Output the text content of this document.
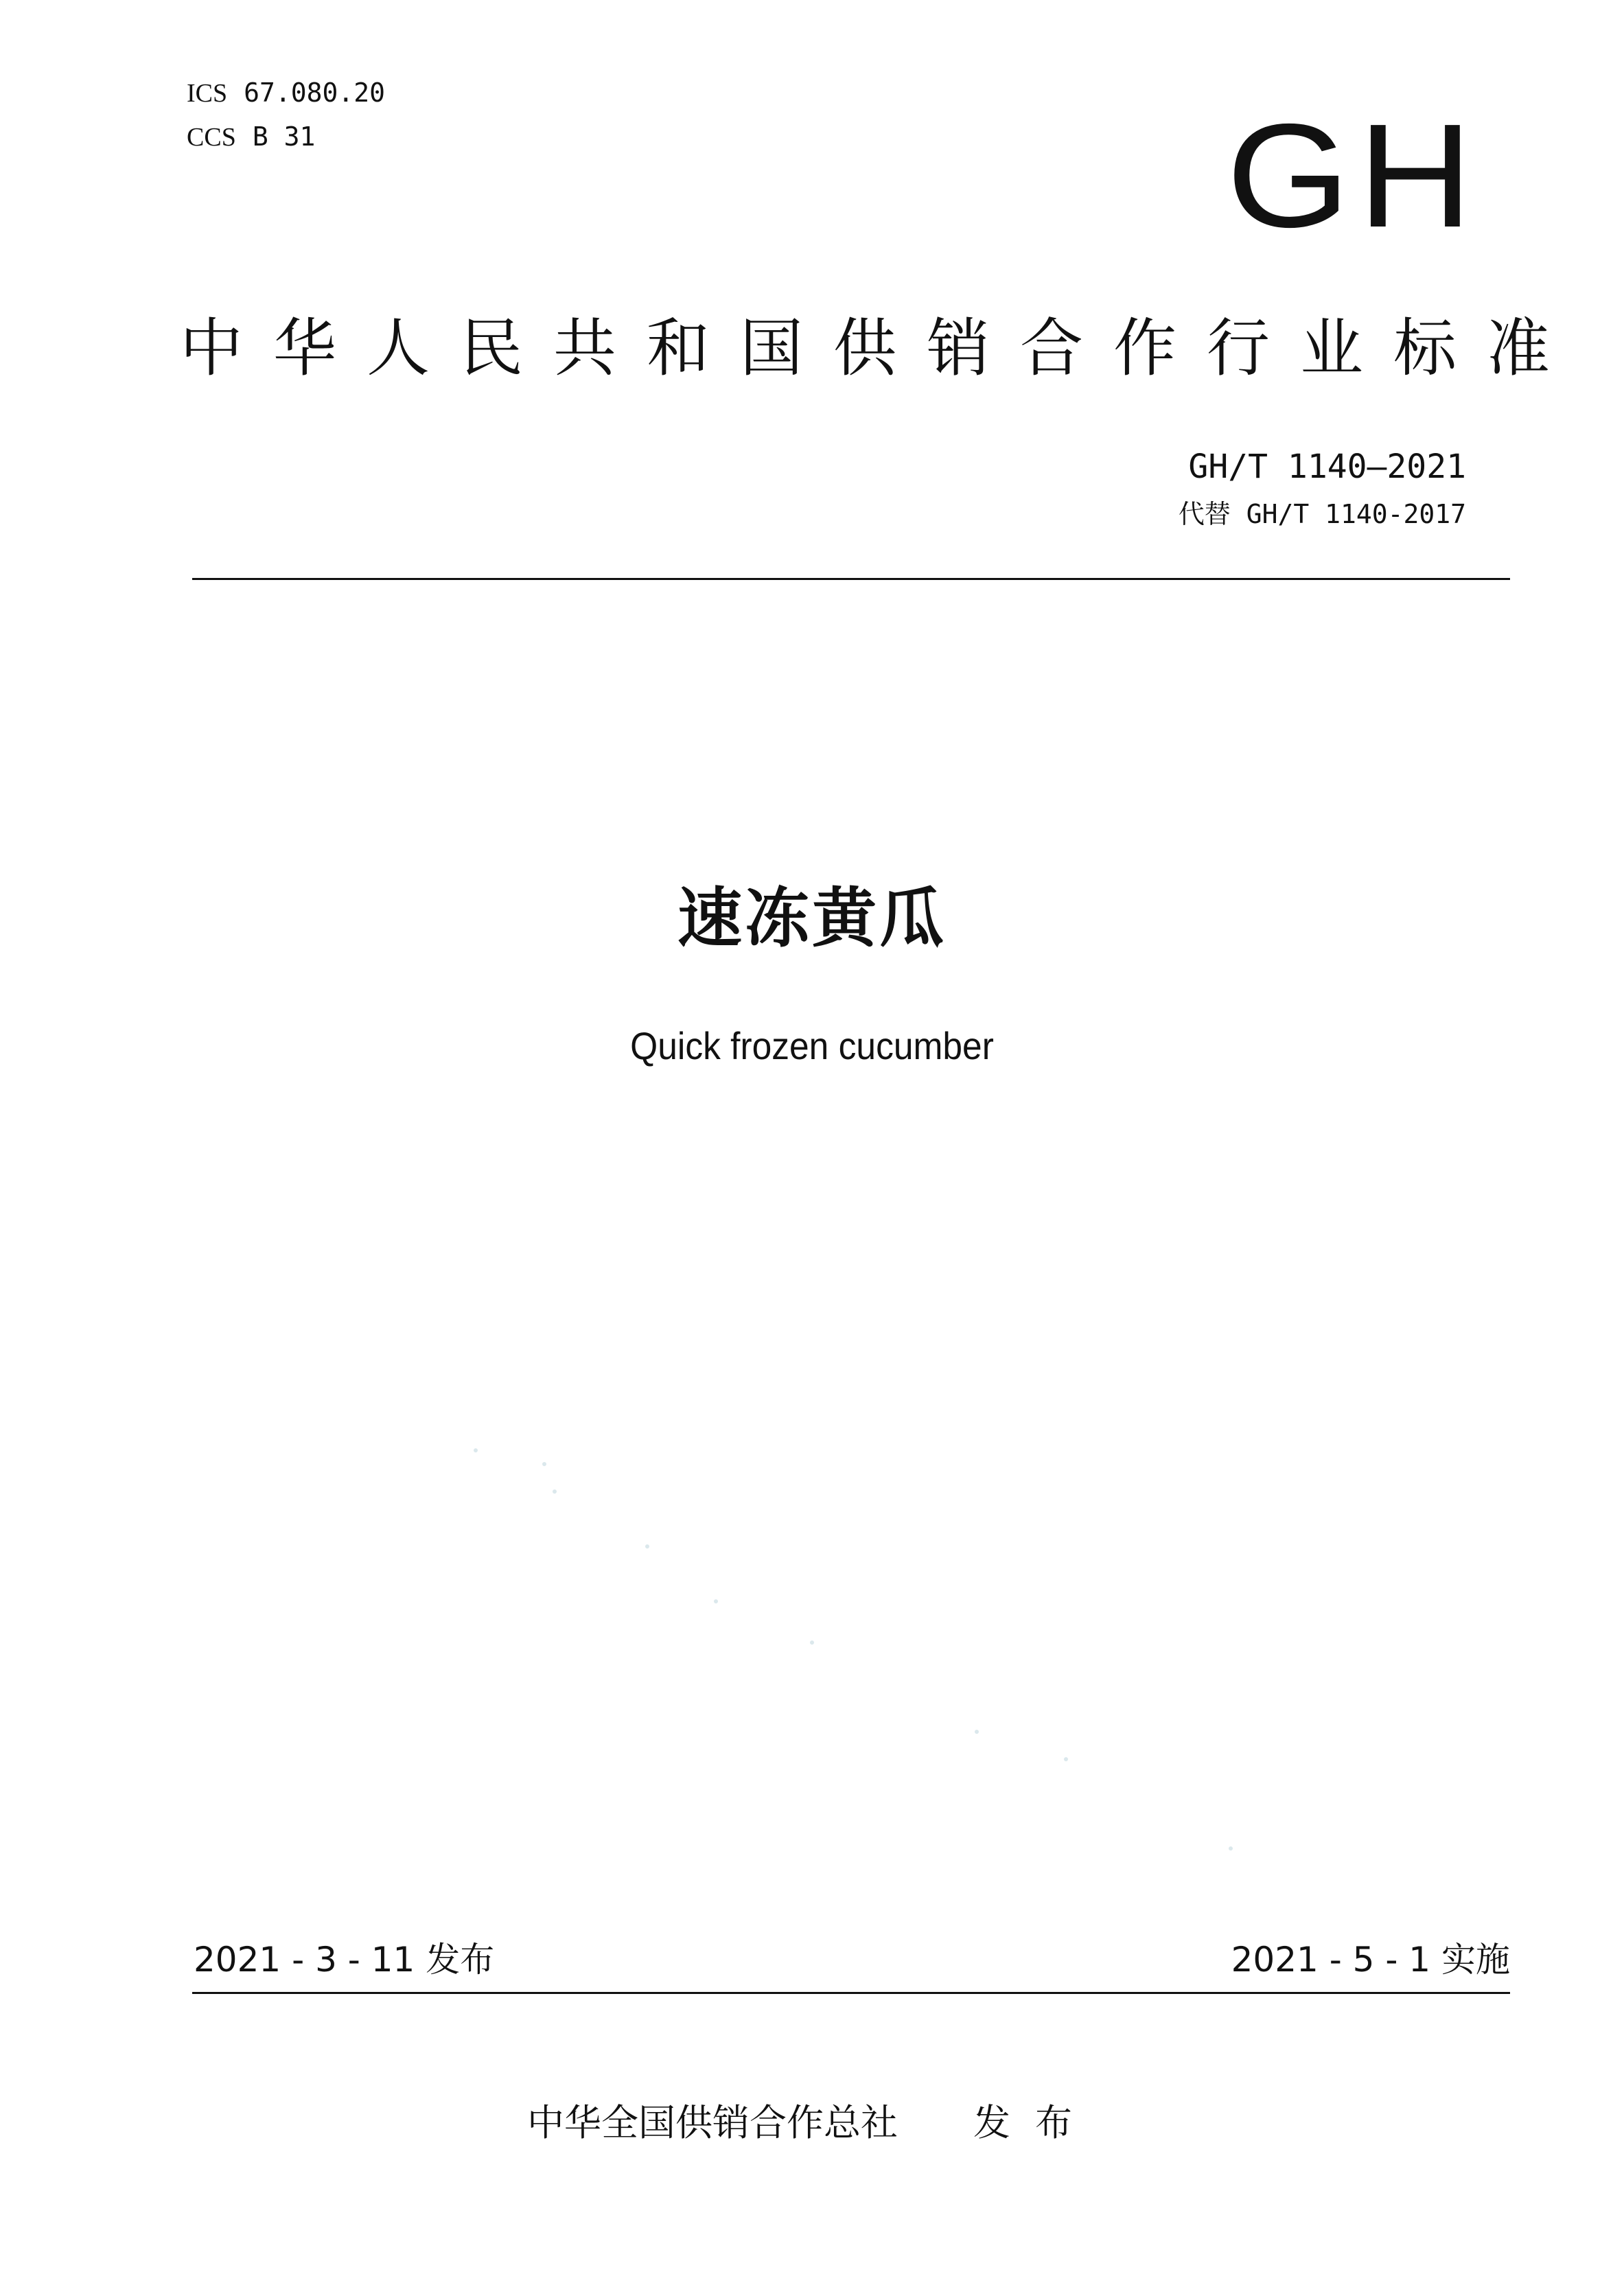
ICS 67.080.20
CCS B 31	GH
中华人民共和国供销合作行业标准
GH/T 1140—2021
代替 GH/T 1140-2017
速冻黄瓜
Quick frozen cucumber
2021 - 3 - 11 发布	2021 - 5 - 1 实施
中华全国供销合作总社 发布
